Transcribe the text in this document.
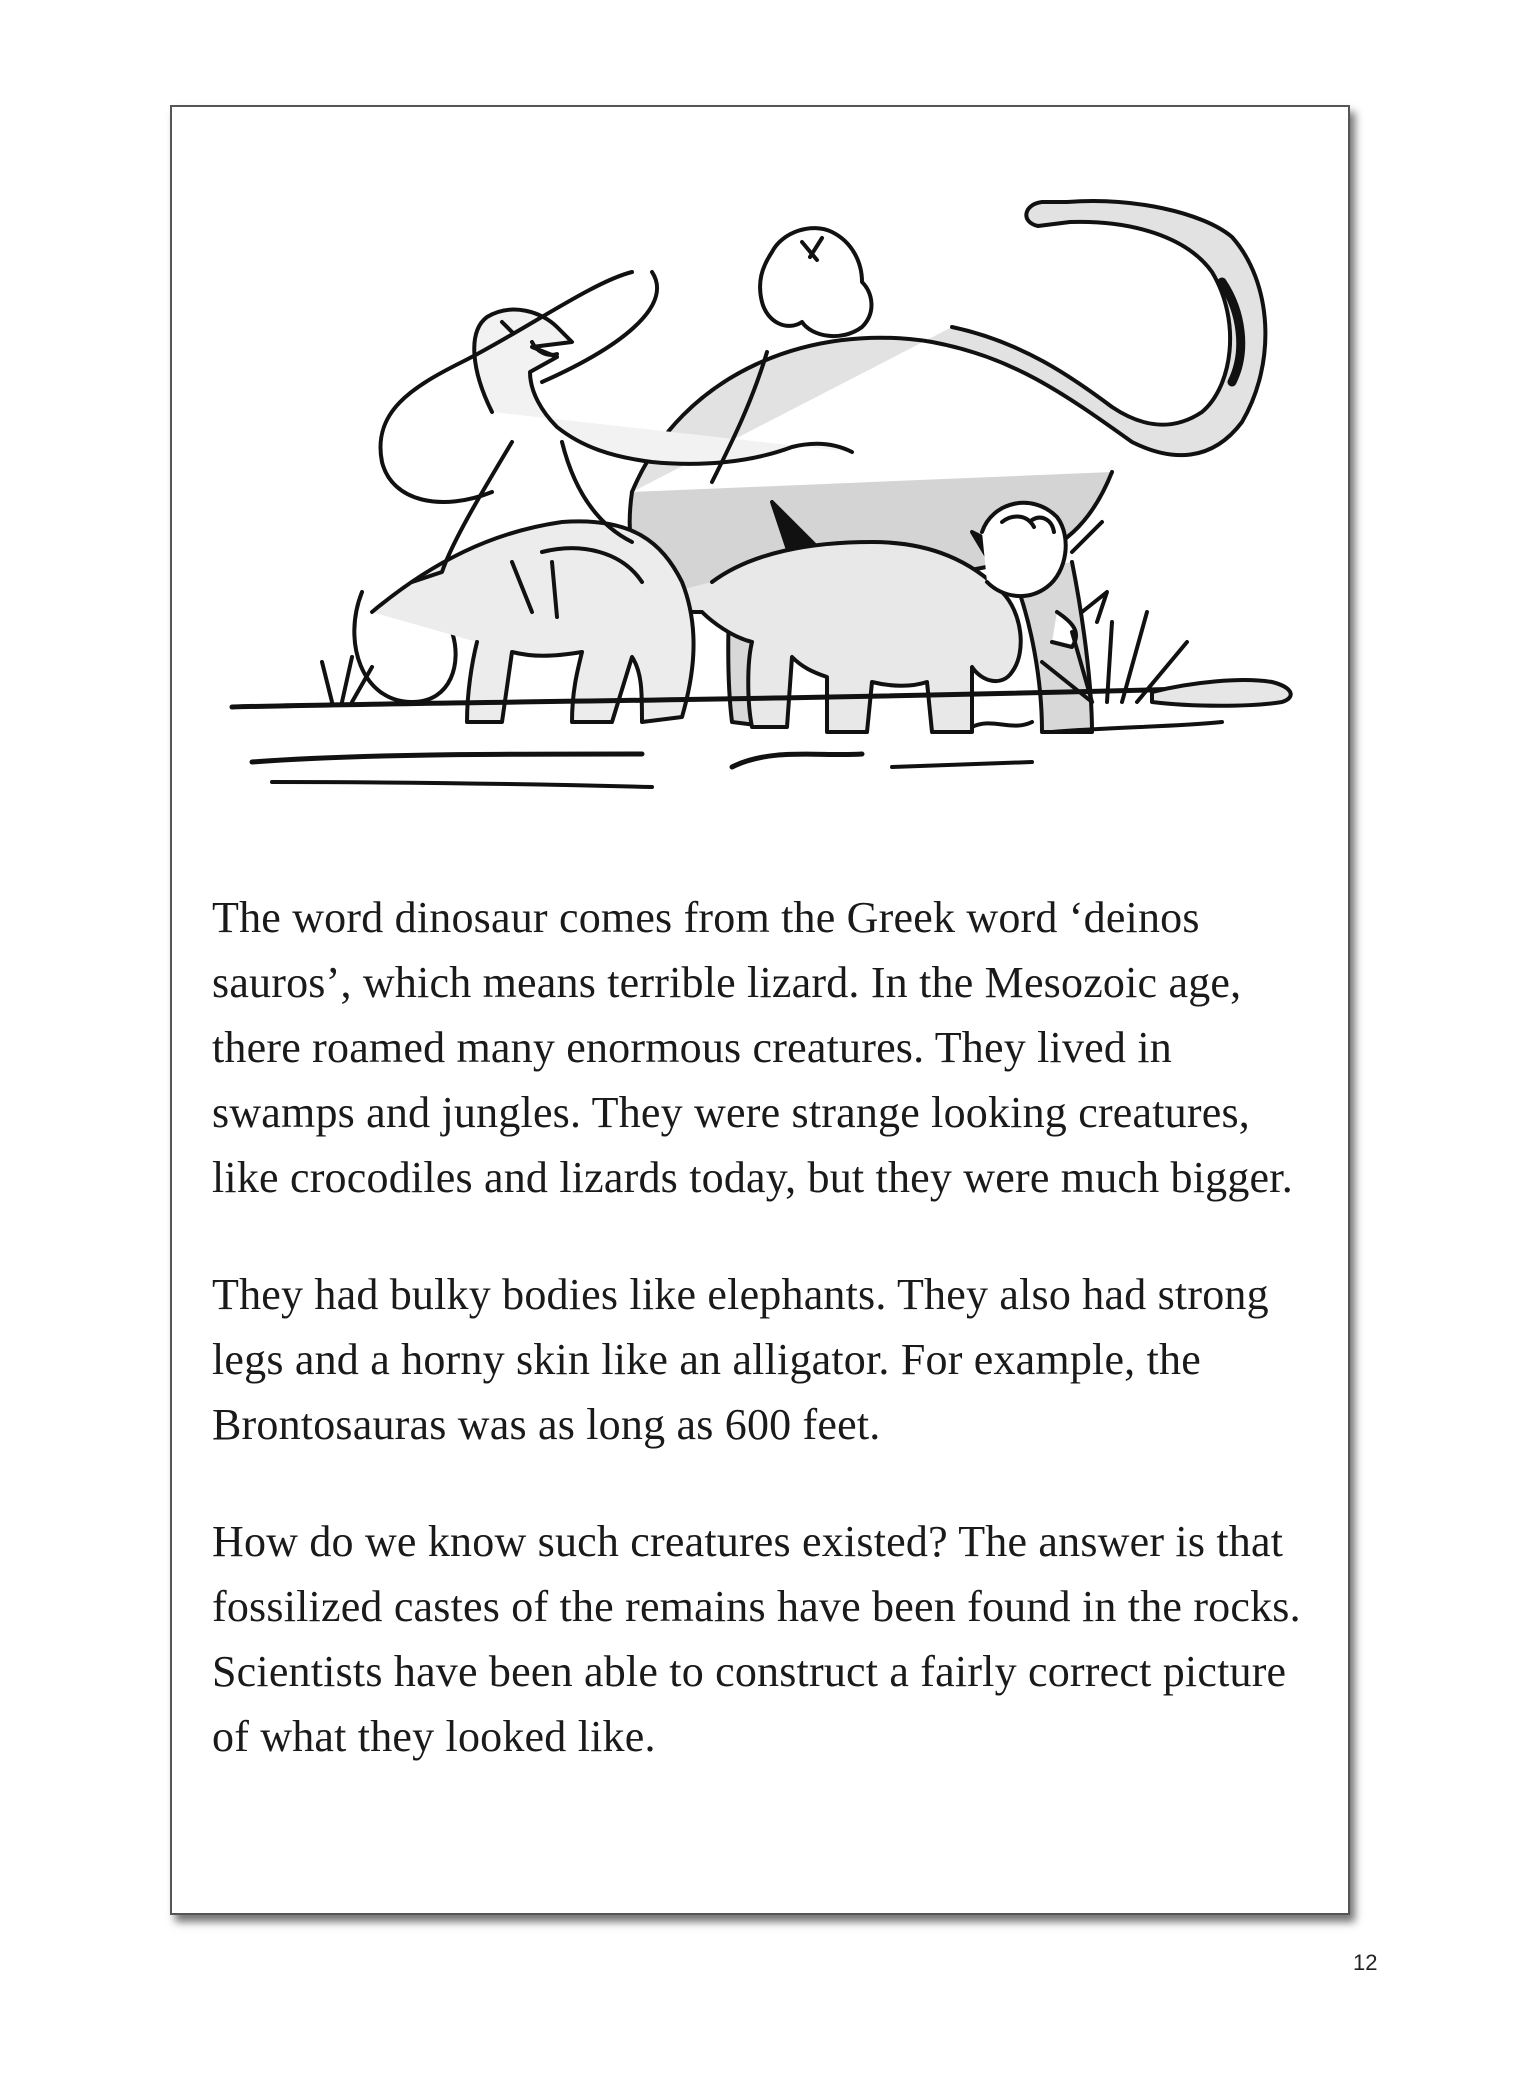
The word dinosaur comes from the Greek word ‘deinos sauros’, which means terrible lizard. In the Mesozoic age, there roamed many enormous creatures. They lived in swamps and jungles. They were strange looking creatures, like crocodiles and lizards today, but they were much bigger.

They had bulky bodies like elephants. They also had strong legs and a horny skin like an alligator. For example, the Brontosauras was as long as 600 feet.

How do we know such creatures existed? The answer is that fossilized castes of the remains have been found in the rocks. Scientists have been able to construct a fairly correct picture of what they looked like.

12
